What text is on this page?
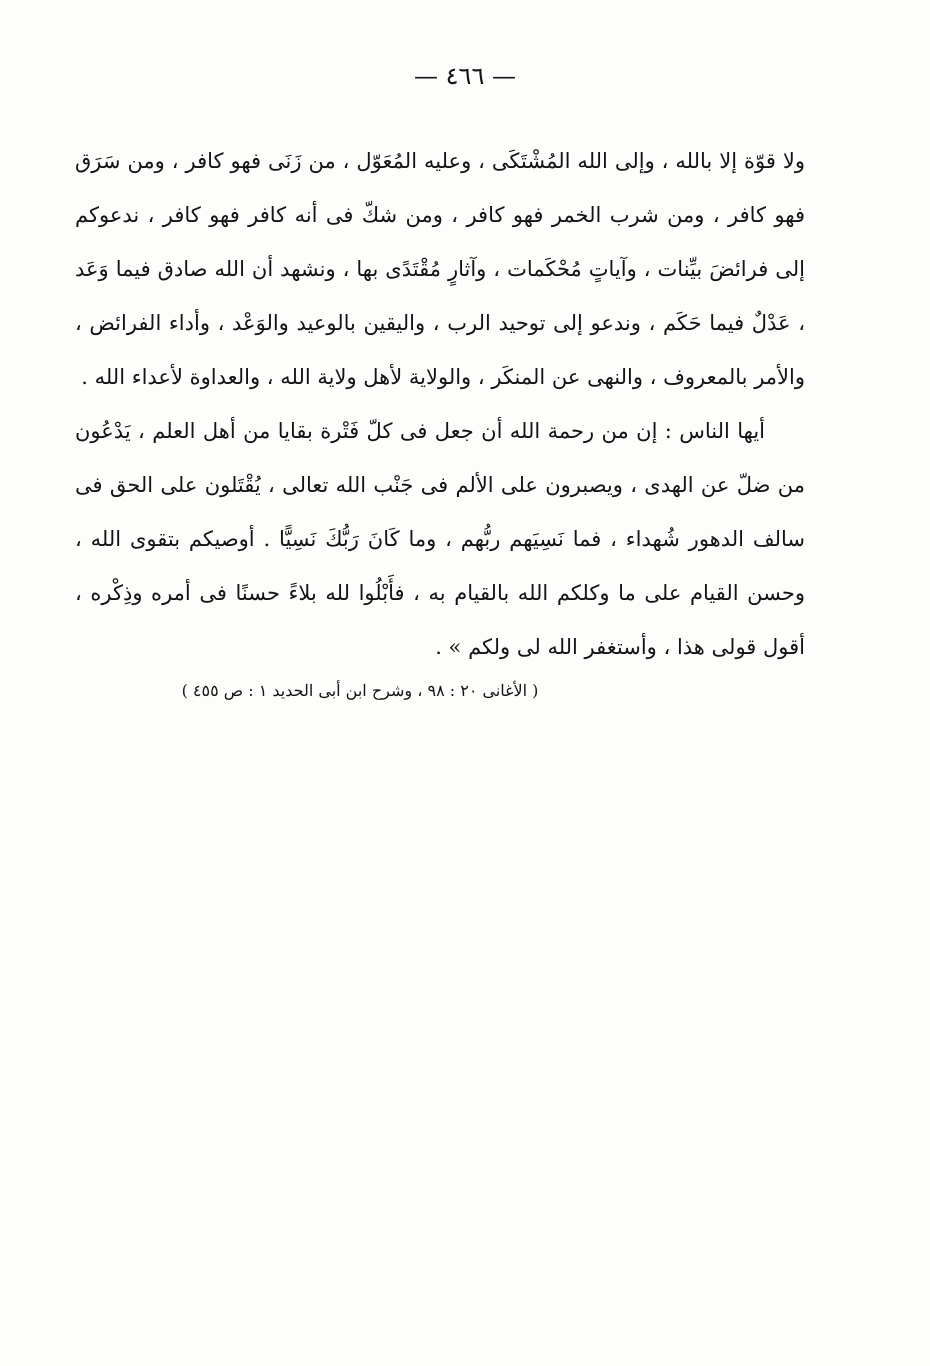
— ٤٦٦ —

ولا قوّة إلا بالله ، وإلى الله المُشْتَكَى ، وعليه المُعَوّل ، من زَنَى فهو كافر ، ومن سَرَق فهو كافر ، ومن شرب الخمر فهو كافر ، ومن شكّ فى أنه كافر فهو كافر ، ندعوكم إلى فرائضَ بيِّنات ، وآياتٍ مُحْكَمات ، وآثارٍ مُقْتَدًى بها ، ونشهد أن الله صادق فيما وَعَد ، عَدْلٌ فيما حَكَم ، وندعو إلى توحيد الرب ، واليقين بالوعيد والوَعْد ، وأداء الفرائض ، والأمر بالمعروف ، والنهى عن المنكَر ، والولاية لأهل ولاية الله ، والعداوة لأعداء الله .

أيها الناس : إن من رحمة الله أن جعل فى كلّ فَتْرة بقايا من أهل العلم ، يَدْعُون من ضلّ عن الهدى ، ويصبرون على الألم فى جَنْب الله تعالى ، يُقْتَلون على الحق فى سالف الدهور شُهداء ، فما نَسِيَهم ربُّهم ، وما كَانَ رَبُّكَ نَسِيًّا . أوصيكم بتقوى الله ، وحسن القيام على ما وكلكم الله بالقيام به ، فأَبْلُوا لله بلاءً حسنًا فى أمره وذِكْره ، أقول قولى هذا ، وأستغفر الله لى ولكم » .

( الأغانى ٢٠ : ٩٨ ، وشرح ابن أبى الحديد ١ : ص ٤٥٥ )
